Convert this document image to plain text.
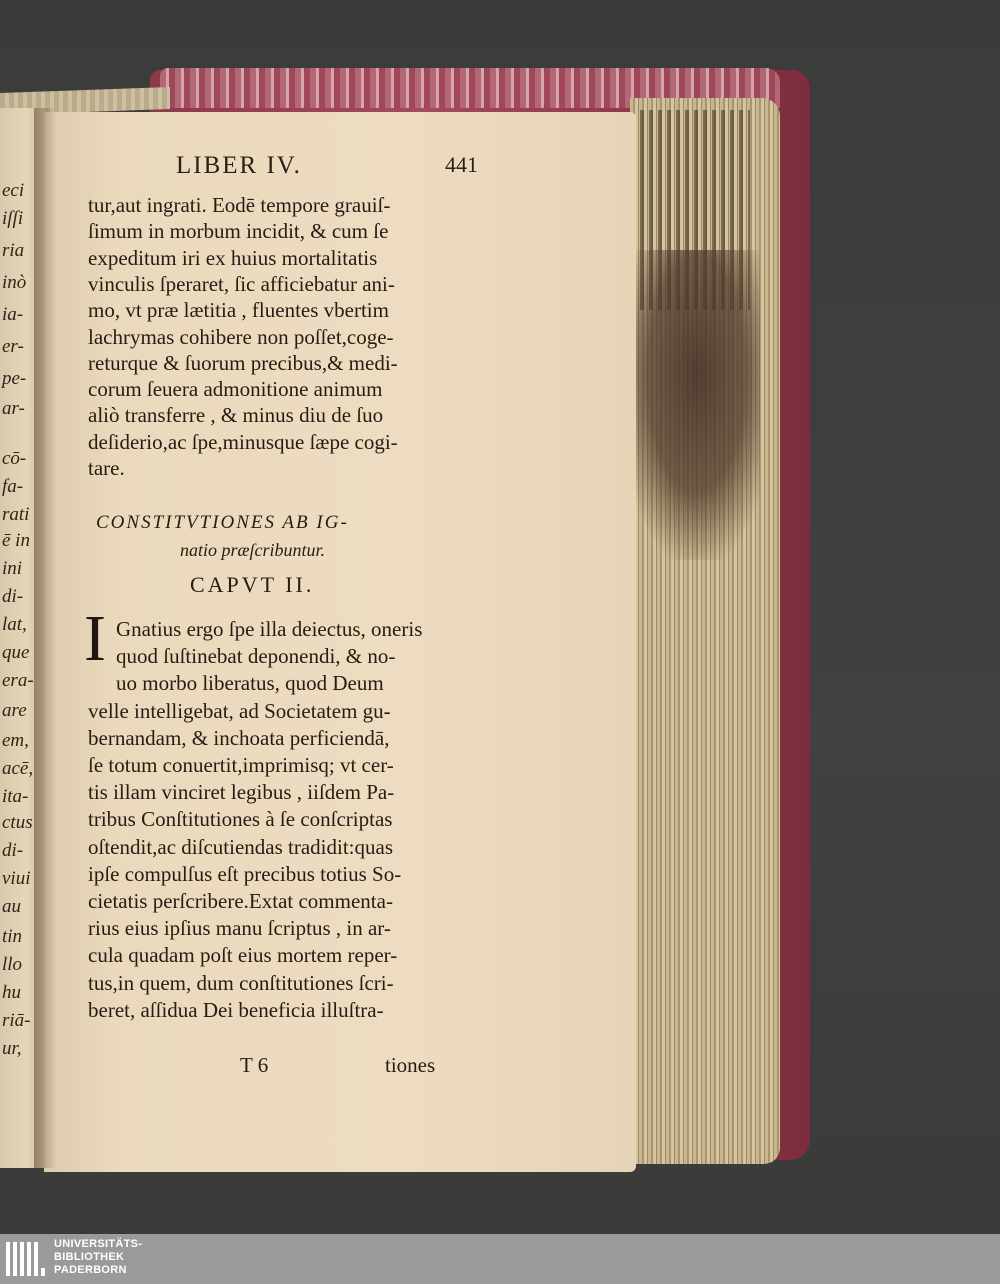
eci
iſſi
ria
inò
ia-
er-
pe-
ar-
cō-
fa-
rati
ē in
ini
di-
lat,
que
era-
are
em,
acē,
ita-
ctus
di-
viui
au
tin
llo
hu
riā-
ur,
LIBER IV.	441
tur,aut ingrati. Eodē tempore grauiſ-
ſimum in morbum incidit, & cum ſe
expeditum iri ex huius mortalitatis
vinculis ſperaret, ſic afficiebatur ani-
mo, vt præ lætitia , fluentes vbertim
lachrymas cohibere non poſſet,coge-
returque & ſuorum precibus,& medi-
corum ſeuera admonitione animum
aliò transferre , & minus diu de ſuo
deſiderio,ac ſpe,minusque ſæpe cogi-
tare.
CONSTITVTIONES AB IG-
natio præſcribuntur.
CAPVT II.
I Gnatius ergo ſpe illa deiectus, oneris
quod ſuſtinebat deponendi, & no-
uo morbo liberatus, quod Deum
velle intelligebat, ad Societatem gu-
bernandam, & inchoata perficiendā,
ſe totum conuertit,imprimisq; vt cer-
tis illam vinciret legibus , iiſdem Pa-
tribus Conſtitutiones à ſe conſcriptas
oſtendit,ac diſcutiendas tradidit:quas
ipſe compulſus eſt precibus totius So-
cietatis perſcribere.Extat commenta-
rius eius ipſius manu ſcriptus , in ar-
cula quadam poſt eius mortem reper-
tus,in quem, dum conſtitutiones ſcri-
beret, aſſidua Dei beneficia illuſtra-
T 6	tiones
UNIVERSITÄTS-
BIBLIOTHEK
PADERBORN
